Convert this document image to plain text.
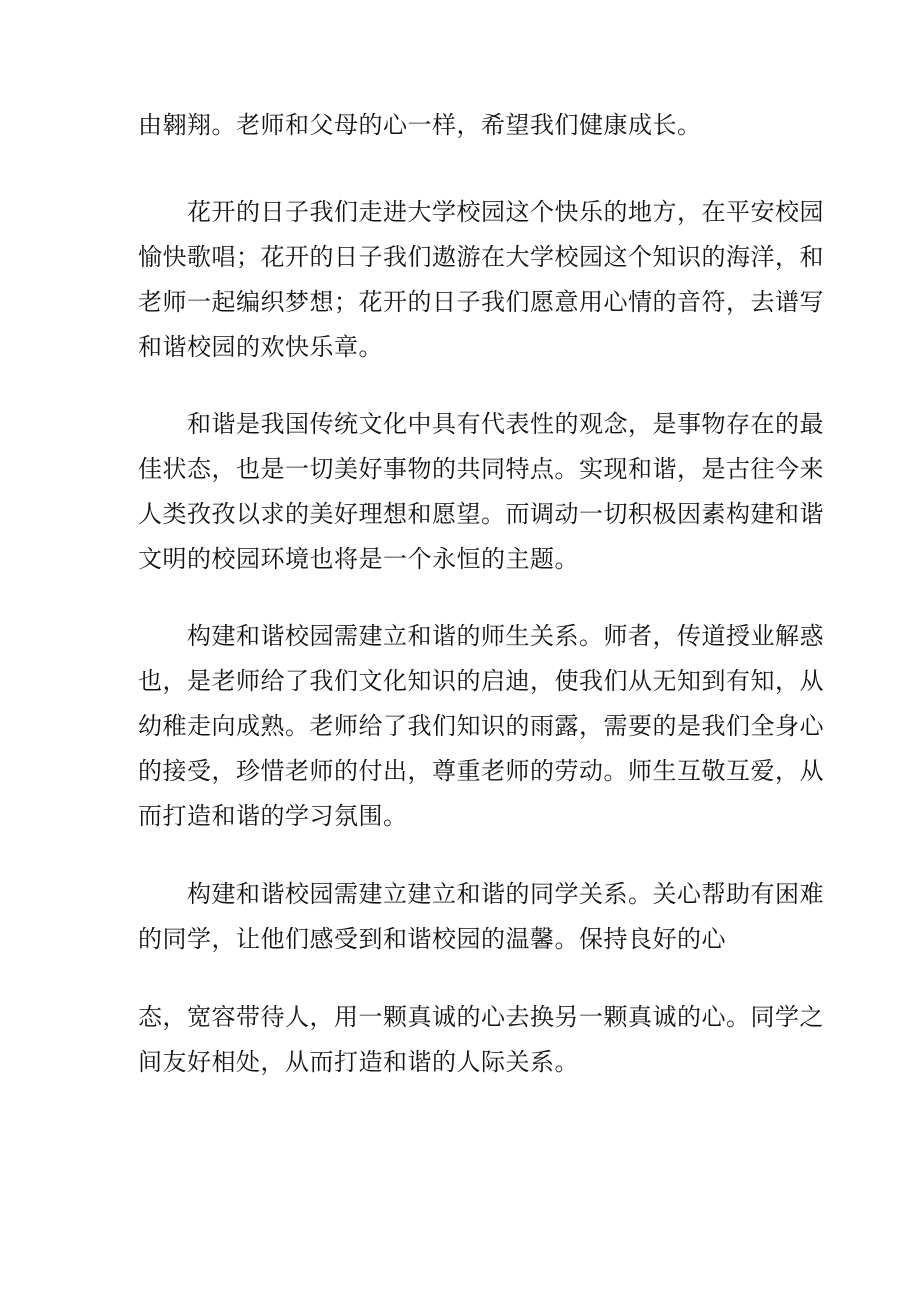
由翱翔。老师和父母的心一样，希望我们健康成长。

　　花开的日子我们走进大学校园这个快乐的地方，在平安校园
愉快歌唱；花开的日子我们遨游在大学校园这个知识的海洋，和
老师一起编织梦想；花开的日子我们愿意用心情的音符，去谱写
和谐校园的欢快乐章。

　　和谐是我国传统文化中具有代表性的观念，是事物存在的最
佳状态，也是一切美好事物的共同特点。实现和谐，是古往今来
人类孜孜以求的美好理想和愿望。而调动一切积极因素构建和谐
文明的校园环境也将是一个永恒的主题。

　　构建和谐校园需建立和谐的师生关系。师者，传道授业解惑
也，是老师给了我们文化知识的启迪，使我们从无知到有知，从
幼稚走向成熟。老师给了我们知识的雨露，需要的是我们全身心
的接受，珍惜老师的付出，尊重老师的劳动。师生互敬互爱，从
而打造和谐的学习氛围。

　　构建和谐校园需建立建立和谐的同学关系。关心帮助有困难
的同学，让他们感受到和谐校园的温馨。保持良好的心

态，宽容带待人，用一颗真诚的心去换另一颗真诚的心。同学之
间友好相处，从而打造和谐的人际关系。
